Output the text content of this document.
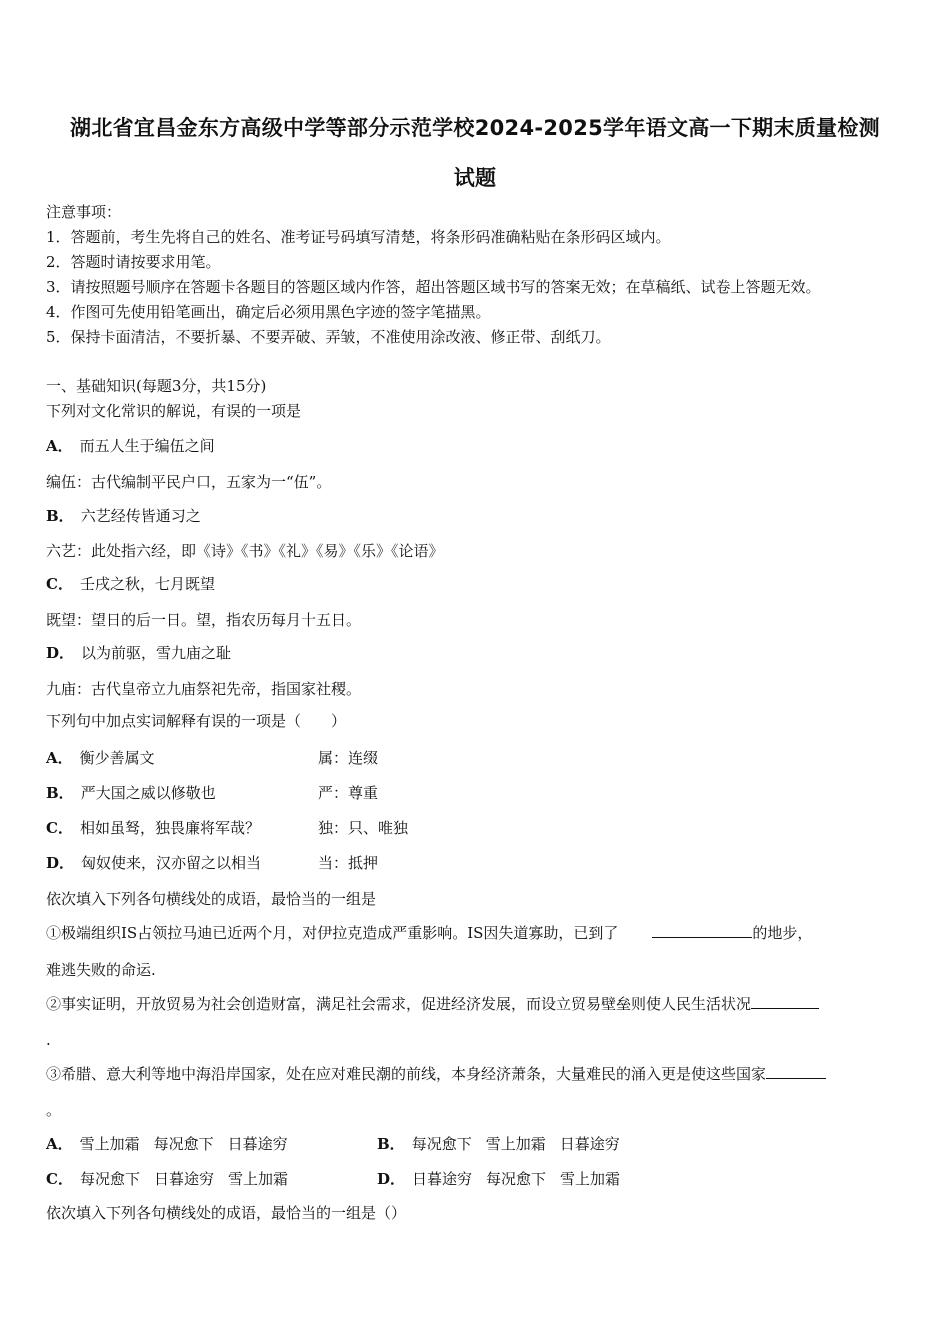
湖北省宜昌金东方高级中学等部分示范学校2024-2025学年语文高一下期末质量检测
试题
注意事项：
1．答题前，考生先将自己的姓名、准考证号码填写清楚，将条形码准确粘贴在条形码区域内。
2．答题时请按要求用笔。
3．请按照题号顺序在答题卡各题目的答题区域内作答，超出答题区域书写的答案无效；在草稿纸、试卷上答题无效。
4．作图可先使用铅笔画出，确定后必须用黑色字迹的签字笔描黑。
5．保持卡面清洁，不要折暴、不要弄破、弄皱，不准使用涂改液、修正带、刮纸刀。
一、基础知识(每题3分，共15分)
下列对文化常识的解说，有误的一项是
A． 而五人生于编伍之间
编伍：古代编制平民户口，五家为一“伍”。
B． 六艺经传皆通习之
六艺：此处指六经，即《诗》《书》《礼》《易》《乐》《论语》
C． 壬戌之秋，七月既望
既望：望日的后一日。望，指农历每月十五日。
D． 以为前驱，雪九庙之耻
九庙：古代皇帝立九庙祭祀先帝，指国家社稷。
下列句中加点实词解释有误的一项是（　　）
A． 衡少善属文	属：连缀
B． 严大国之威以修敬也	严：尊重
C． 相如虽驽，独畏廉将军哉？	独：只、唯独
D． 匈奴使来，汉亦留之以相当	当：抵押
依次填入下列各句横线处的成语，最恰当的一组是
①极端组织IS占领拉马迪已近两个月，对伊拉克造成严重影响。IS因失道寡助，已到了	的地步，
难逃失败的命运.
②事实证明，开放贸易为社会创造财富，满足社会需求，促进经济发展，而设立贸易壁垒则使人民生活状况
.
③希腊、意大利等地中海沿岸国家，处在应对难民潮的前线，本身经济萧条，大量难民的涌入更是使这些国家
。
A． 雪上加霜 每况愈下 日暮途穷	B． 每况愈下 雪上加霜 日暮途穷
C． 每况愈下 日暮途穷 雪上加霜	D． 日暮途穷 每况愈下 雪上加霜
依次填入下列各句横线处的成语，最恰当的一组是（）
